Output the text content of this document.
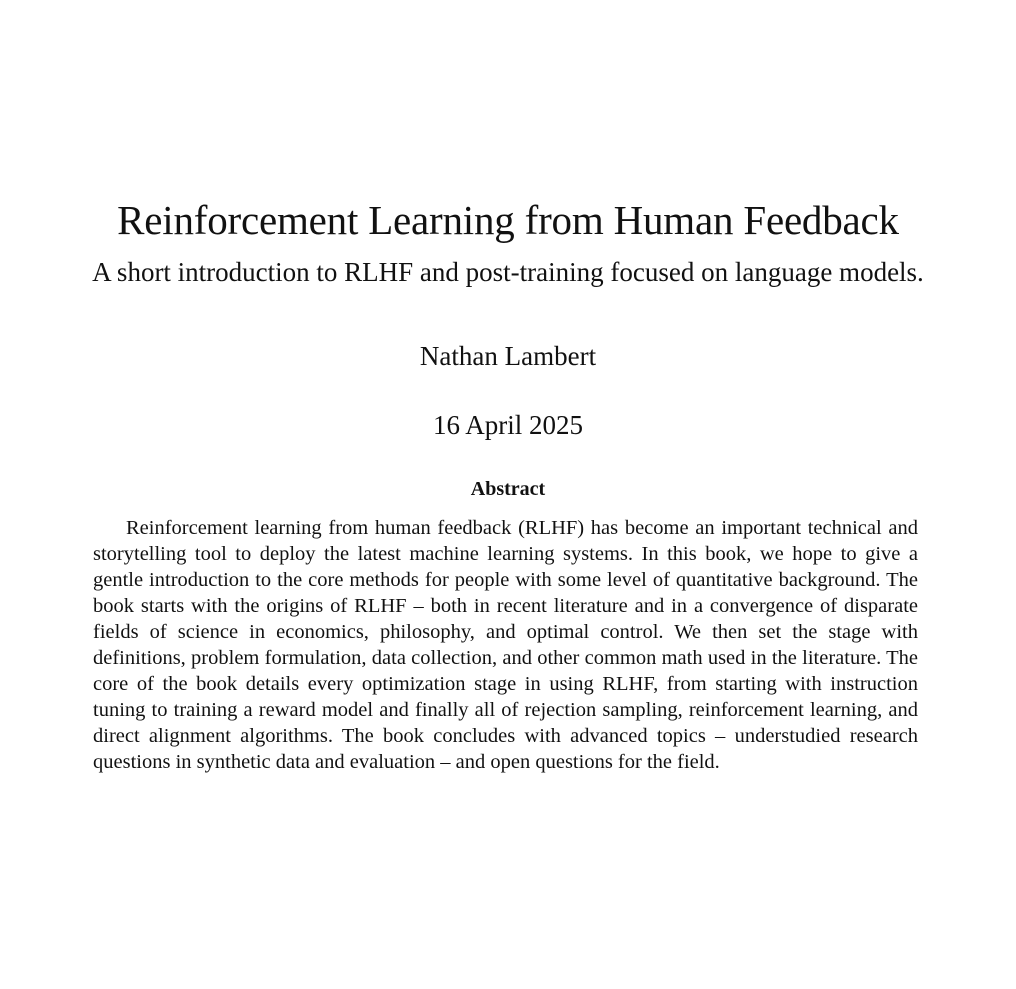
Reinforcement Learning from Human Feedback
A short introduction to RLHF and post-training focused on language models.
Nathan Lambert
16 April 2025
Abstract

Reinforcement learning from human feedback (RLHF) has become an important technical and storytelling tool to deploy the latest machine learning systems. In this book, we hope to give a gentle introduction to the core methods for people with some level of quantitative background. The book starts with the origins of RLHF – both in recent literature and in a convergence of disparate fields of science in economics, philosophy, and optimal control. We then set the stage with definitions, problem formulation, data collection, and other common math used in the literature. The core of the book details every optimization stage in using RLHF, from starting with instruction tuning to training a reward model and finally all of rejection sampling, reinforcement learning, and direct alignment algorithms. The book concludes with advanced topics – understudied research questions in synthetic data and evaluation – and open questions for the field.
